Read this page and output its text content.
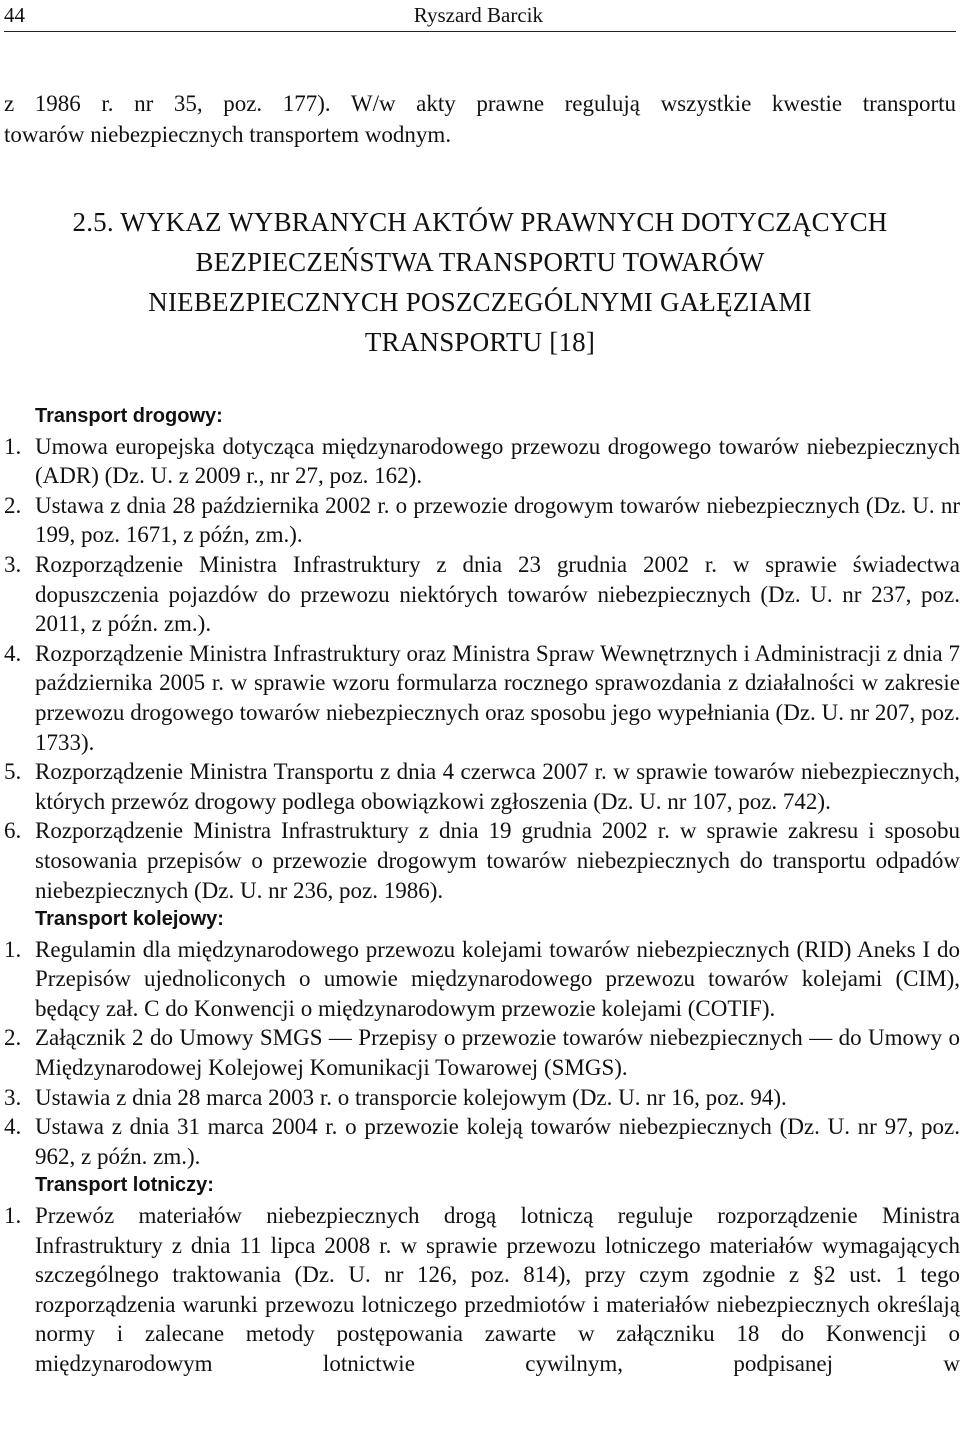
44	Ryszard Barcik

z 1986 r. nr 35, poz. 177). W/w akty prawne regulują wszystkie kwestie transportu

towarów niebezpiecznych transportem wodnym.

2.5. WYKAZ WYBRANYCH AKTÓW PRAWNYCH DOTYCZĄCYCH
BEZPIECZEŃSTWA TRANSPORTU TOWARÓW
NIEBEZPIECZNYCH POSZCZEGÓLNYMI GAŁĘZIAMI
TRANSPORTU [18]
Transport drogowy:
1. Umowa europejska dotycząca międzynarodowego przewozu drogowego towarów niebezpiecznych (ADR) (Dz. U. z 2009 r., nr 27, poz. 162).
2. Ustawa z dnia 28 października 2002 r. o przewozie drogowym towarów niebezpiecznych (Dz. U. nr 199, poz. 1671, z późn, zm.).
3. Rozporządzenie Ministra Infrastruktury z dnia 23 grudnia 2002 r. w sprawie świadectwa dopuszczenia pojazdów do przewozu niektórych towarów niebezpiecznych (Dz. U. nr 237, poz. 2011, z późn. zm.).
4. Rozporządzenie Ministra Infrastruktury oraz Ministra Spraw Wewnętrznych i Administracji z dnia 7 października 2005 r. w sprawie wzoru formularza rocznego sprawozdania z działalności w zakresie przewozu drogowego towarów niebezpiecznych oraz sposobu jego wypełniania (Dz. U. nr 207, poz. 1733).
5. Rozporządzenie Ministra Transportu z dnia 4 czerwca 2007 r. w sprawie towarów niebezpiecznych, których przewóz drogowy podlega obowiązkowi zgłoszenia (Dz. U. nr 107, poz. 742).
6. Rozporządzenie Ministra Infrastruktury z dnia 19 grudnia 2002 r. w sprawie zakresu i sposobu stosowania przepisów o przewozie drogowym towarów niebezpiecznych do transportu odpadów niebezpiecznych (Dz. U. nr 236, poz. 1986).
Transport kolejowy:
1. Regulamin dla międzynarodowego przewozu kolejami towarów niebezpiecznych (RID) Aneks I do Przepisów ujednoliconych o umowie międzynarodowego przewozu towarów kolejami (CIM), będący zał. C do Konwencji o międzynarodowym przewozie kolejami (COTIF).
2. Załącznik 2 do Umowy SMGS — Przepisy o przewozie towarów niebezpiecznych — do Umowy o Międzynarodowej Kolejowej Komunikacji Towarowej (SMGS).
3. Ustawia z dnia 28 marca 2003 r. o transporcie kolejowym (Dz. U. nr 16, poz. 94).
4. Ustawa z dnia 31 marca 2004 r. o przewozie koleją towarów niebezpiecznych (Dz. U. nr 97, poz. 962, z późn. zm.).
Transport lotniczy:
1. Przewóz materiałów niebezpiecznych drogą lotniczą reguluje rozporządzenie Ministra Infrastruktury z dnia 11 lipca 2008 r. w sprawie przewozu lotniczego materiałów wymagających szczególnego traktowania (Dz. U. nr 126, poz. 814), przy czym zgodnie z §2 ust. 1 tego rozporządzenia warunki przewozu lotniczego przedmiotów i materiałów niebezpiecznych określają normy i zalecane metody postępowania zawarte w załączniku 18 do Konwencji o międzynarodowym lotnictwie cywilnym, podpisanej w
